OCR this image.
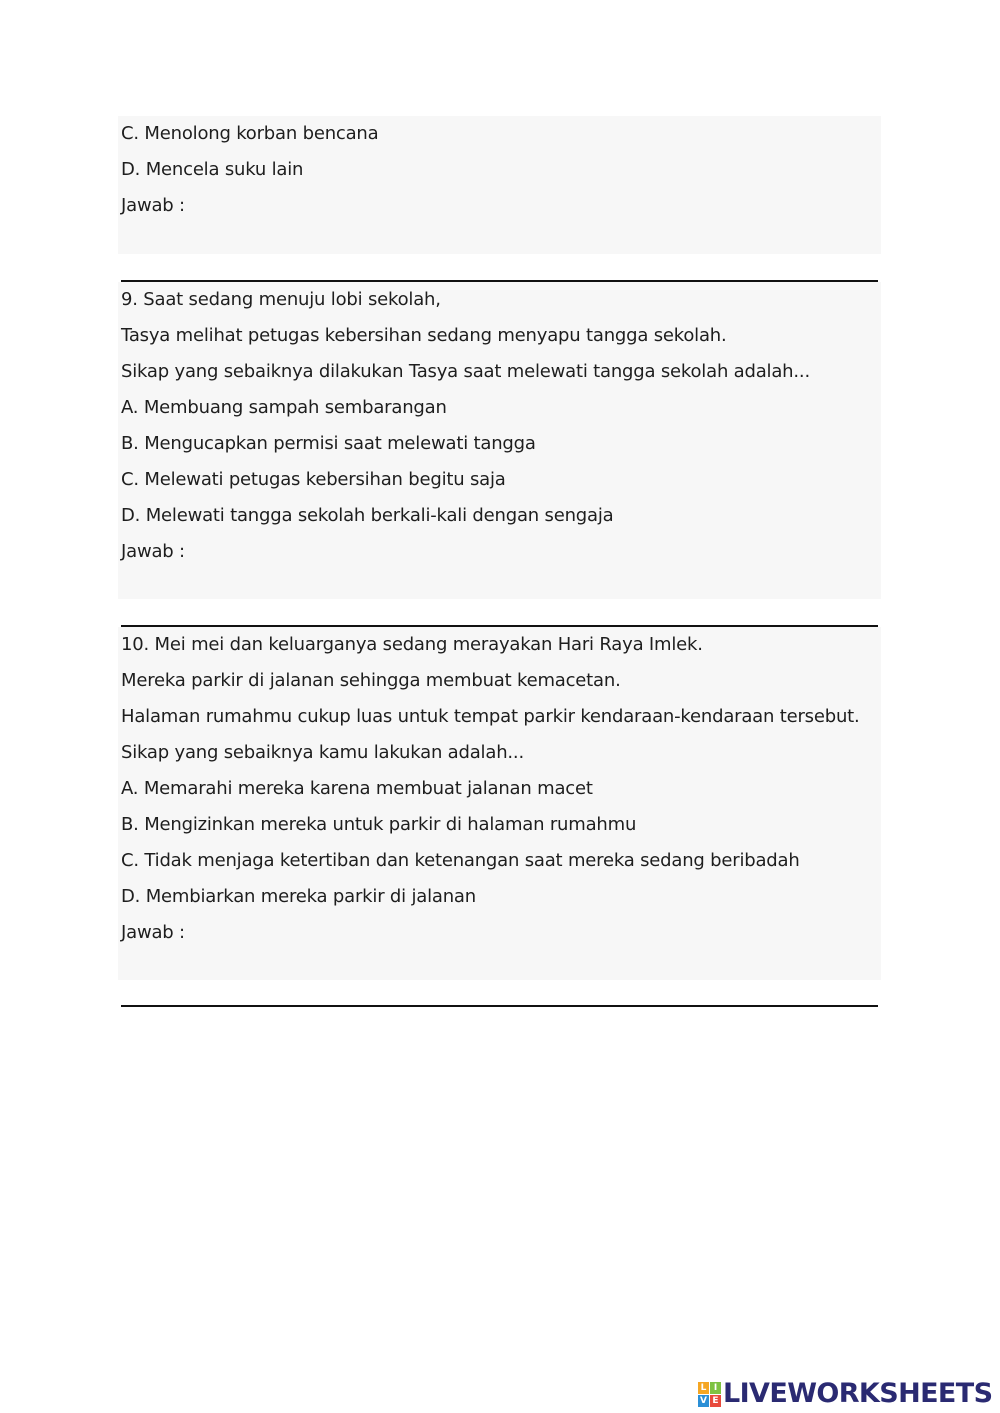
C. Menolong korban bencana
D. Mencela suku lain
Jawab :
9. Saat sedang menuju lobi sekolah,
Tasya melihat petugas kebersihan sedang menyapu tangga sekolah.
Sikap yang sebaiknya dilakukan Tasya saat melewati tangga sekolah adalah...
A. Membuang sampah sembarangan
B. Mengucapkan permisi saat melewati tangga
C. Melewati petugas kebersihan begitu saja
D. Melewati tangga sekolah berkali-kali dengan sengaja
Jawab :
10. Mei mei dan keluarganya sedang merayakan Hari Raya Imlek.
Mereka parkir di jalanan sehingga membuat kemacetan.
Halaman rumahmu cukup luas untuk tempat parkir kendaraan-kendaraan tersebut.
Sikap yang sebaiknya kamu lakukan adalah...
A. Memarahi mereka karena membuat jalanan macet
B. Mengizinkan mereka untuk parkir di halaman rumahmu
C. Tidak menjaga ketertiban dan ketenangan saat mereka sedang beribadah
D. Membiarkan mereka parkir di jalanan
Jawab :
L I
V E LIVEWORKSHEETS
